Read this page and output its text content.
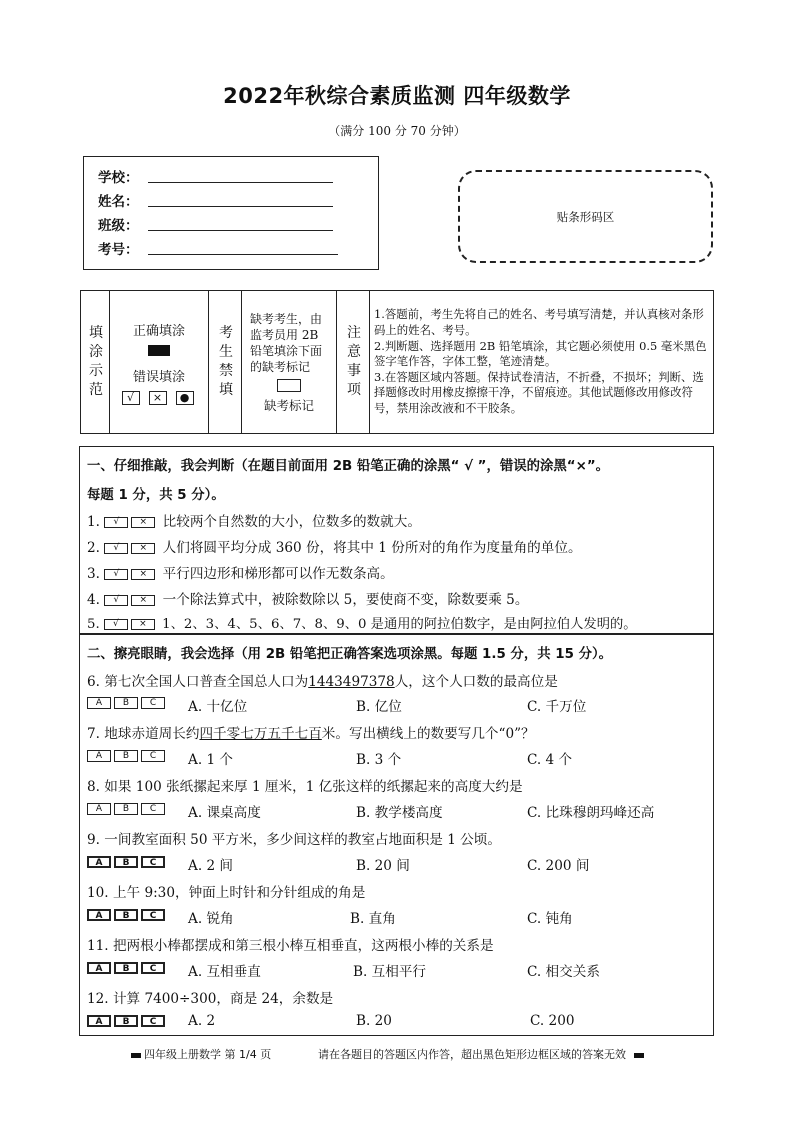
2022年秋综合素质监测 四年级数学
（满分 100 分 70 分钟）
学校：
姓名：
班级：
考号：
贴条形码区
填
涂
示
范

正确填涂
错误填涂
√	×	●

考
生
禁
填

缺考考生，由监考员用 2B 铅笔填涂下面的缺考标记
缺考标记

注
意
事
项

1.答题前，考生先将自己的姓名、考号填写清楚，并认真核对条形码上的姓名、考号。
2.判断题、选择题用 2B 铅笔填涂，其它题必须使用 0.5 毫米黑色签字笔作答，字体工整，笔迹清楚。
3.在答题区域内答题。保持试卷清洁，不折叠，不损坏；判断、选择题修改时用橡皮擦擦干净，不留痕迹。其他试题修改用修改符号，禁用涂改液和不干胶条。
一、仔细推敲，我会判断（在题目前面用 2B 铅笔正确的涂黑“ √ ”，错误的涂黑“×”。
每题 1 分，共 5 分）。
1. √ × 比较两个自然数的大小，位数多的数就大。
2. √ × 人们将圆平均分成 360 份，将其中 1 份所对的角作为度量角的单位。
3. √ × 平行四边形和梯形都可以作无数条高。
4. √ × 一个除法算式中，被除数除以 5，要使商不变，除数要乘 5。
5. √ × 1、2、3、4、5、6、7、8、9、0 是通用的阿拉伯数字，是由阿拉伯人发明的。
二、擦亮眼睛，我会选择（用 2B 铅笔把正确答案选项涂黑。每题 1.5 分，共 15 分）。
6. 第七次全国人口普查全国总人口为1443497378人，这个人口数的最高位是
A	B	C	A. 十亿位	B. 亿位	C. 千万位
7. 地球赤道周长约四千零七万五千七百米。写出横线上的数要写几个“0”？
A	B	C	A. 1 个	B. 3 个	C. 4 个
8. 如果 100 张纸摞起来厚 1 厘米，1 亿张这样的纸摞起来的高度大约是
A	B	C	A. 课桌高度	B. 教学楼高度	C. 比珠穆朗玛峰还高
9. 一间教室面积 50 平方米，多少间这样的教室占地面积是 1 公顷。
A	B	C	A. 2 间	B. 20 间	C. 200 间
10. 上午 9:30，钟面上时针和分针组成的角是
A	B	C	A. 锐角	B. 直角	C. 钝角
11. 把两根小棒都摆成和第三根小棒互相垂直，这两根小棒的关系是
A	B	C	A. 互相垂直	B. 互相平行	C. 相交关系
12. 计算 7400÷300，商是 24，余数是
A	B	C	A. 2	B. 20	C. 200
四年级上册数学 第 1/4 页	请在各题目的答题区内作答，超出黑色矩形边框区域的答案无效
